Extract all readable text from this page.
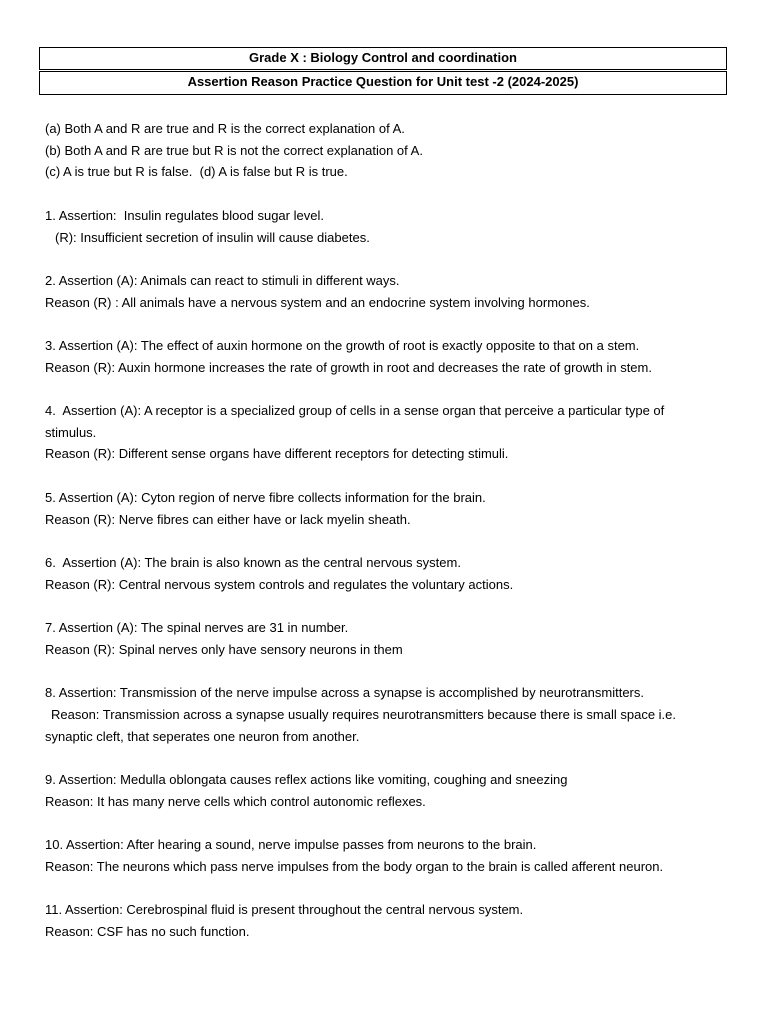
Grade X : Biology Control and coordination
Assertion Reason Practice Question for Unit test -2 (2024-2025)
(a) Both A and R are true and R is the correct explanation of A.
(b) Both A and R are true but R is not the correct explanation of A.
(c) A is true but R is false.  (d) A is false but R is true.
1. Assertion:  Insulin regulates blood sugar level.
(R): Insufficient secretion of insulin will cause diabetes.
2. Assertion (A): Animals can react to stimuli in different ways.
Reason (R) : All animals have a nervous system and an endocrine system involving hormones.
3. Assertion (A): The effect of auxin hormone on the growth of root is exactly opposite to that on a stem.
Reason (R): Auxin hormone increases the rate of growth in root and decreases the rate of growth in stem.
4.  Assertion (A): A receptor is a specialized group of cells in a sense organ that perceive a particular type of
stimulus.
Reason (R): Different sense organs have different receptors for detecting stimuli.
5. Assertion (A): Cyton region of nerve fibre collects information for the brain.
Reason (R): Nerve fibres can either have or lack myelin sheath.
6.  Assertion (A): The brain is also known as the central nervous system.
Reason (R): Central nervous system controls and regulates the voluntary actions.
7. Assertion (A): The spinal nerves are 31 in number.
Reason (R): Spinal nerves only have sensory neurons in them
8. Assertion: Transmission of the nerve impulse across a synapse is accomplished by neurotransmitters.
Reason: Transmission across a synapse usually requires neurotransmitters because there is small space i.e.
synaptic cleft, that seperates one neuron from another.
9. Assertion: Medulla oblongata causes reflex actions like vomiting, coughing and sneezing
Reason: It has many nerve cells which control autonomic reflexes.
10. Assertion: After hearing a sound, nerve impulse passes from neurons to the brain.
Reason: The neurons which pass nerve impulses from the body organ to the brain is called afferent neuron.
11. Assertion: Cerebrospinal fluid is present throughout the central nervous system.
Reason: CSF has no such function.
